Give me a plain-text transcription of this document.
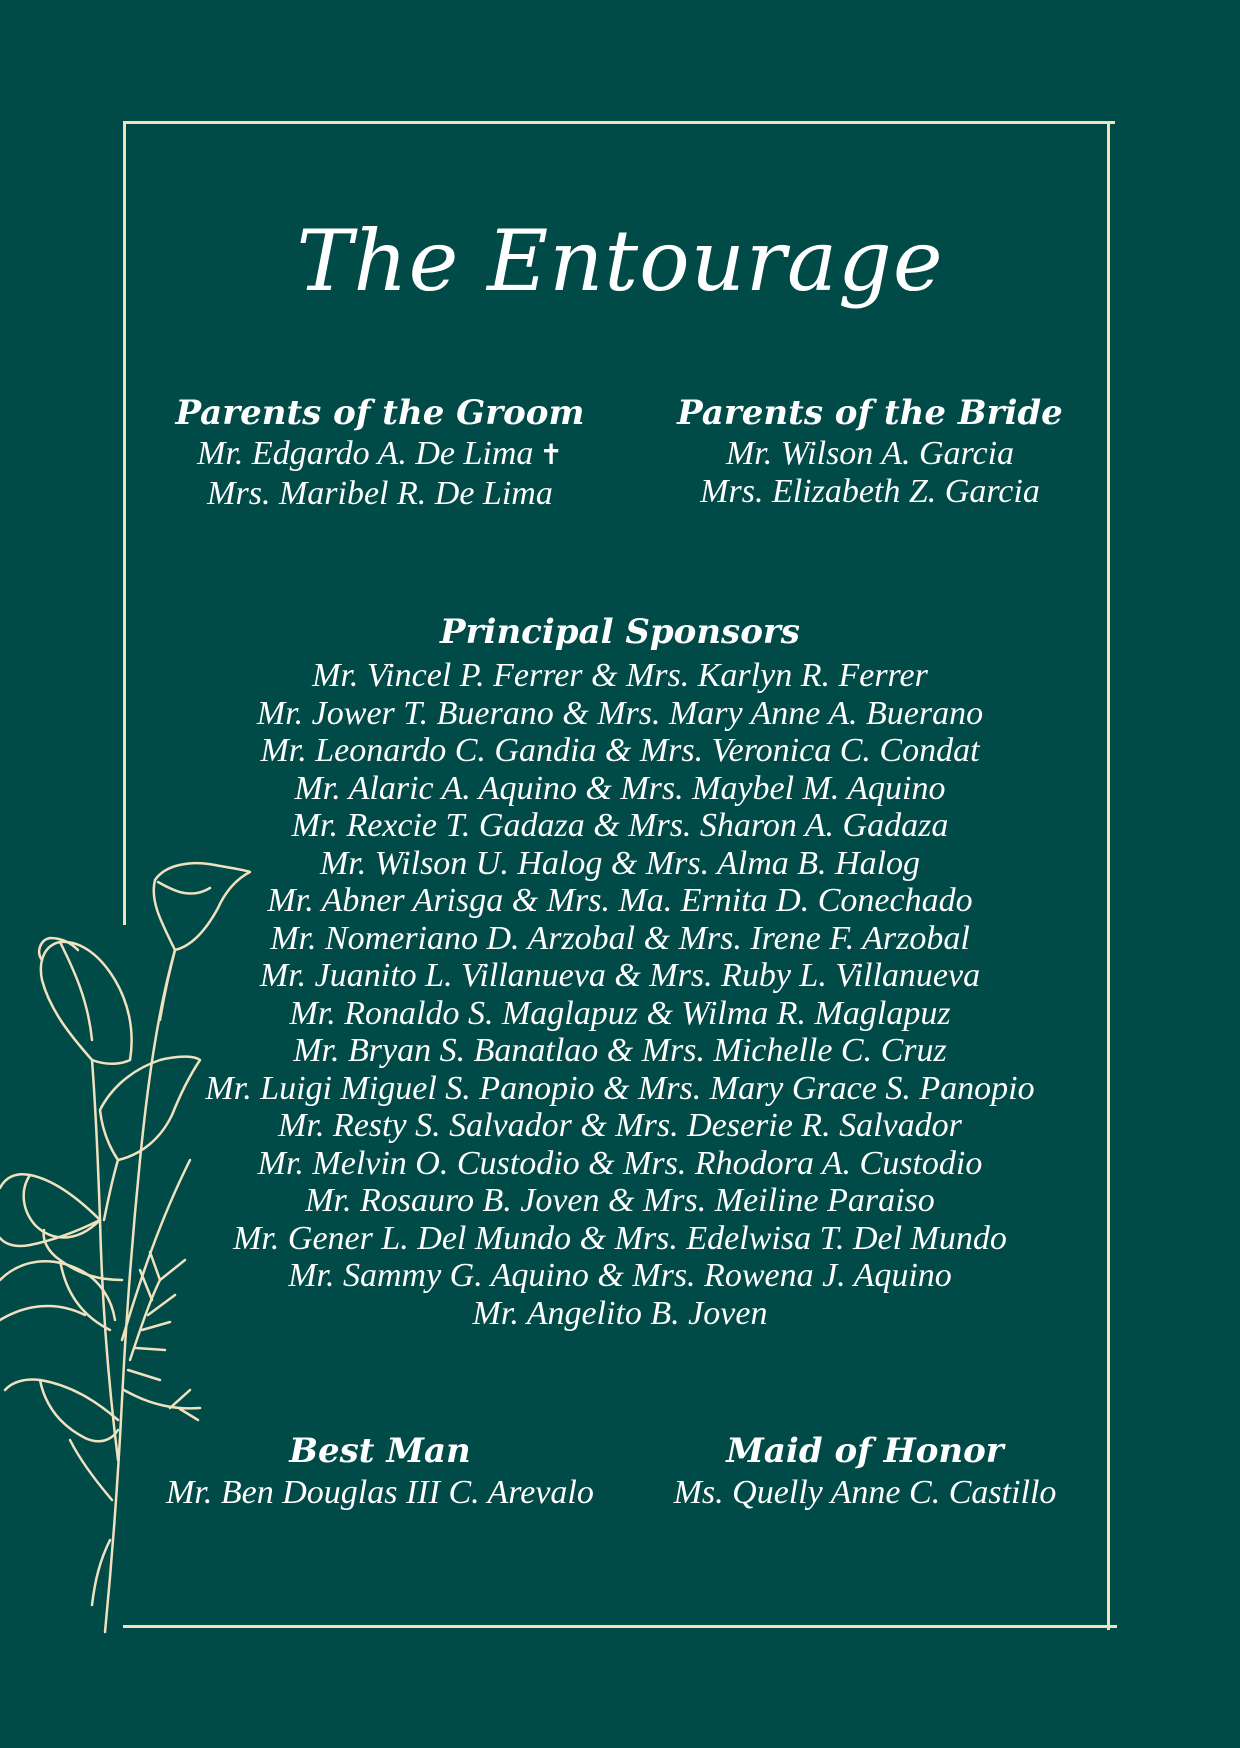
The Entourage
Parents of the Groom
Mr. Edgardo A. De Lima ✝
Mrs. Maribel R. De Lima
Parents of the Bride
Mr. Wilson A. Garcia
Mrs. Elizabeth Z. Garcia
Principal Sponsors
Mr. Vincel P. Ferrer & Mrs. Karlyn R. Ferrer
Mr. Jower T. Buerano & Mrs. Mary Anne A. Buerano
Mr. Leonardo C. Gandia & Mrs. Veronica C. Condat
Mr. Alaric A. Aquino & Mrs. Maybel M. Aquino
Mr. Rexcie T. Gadaza & Mrs. Sharon A. Gadaza
Mr. Wilson U. Halog & Mrs. Alma B. Halog
Mr. Abner Arisga & Mrs. Ma. Ernita D. Conechado
Mr. Nomeriano D. Arzobal & Mrs. Irene F. Arzobal
Mr. Juanito L. Villanueva & Mrs. Ruby L. Villanueva
Mr. Ronaldo S. Maglapuz & Wilma R. Maglapuz
Mr. Bryan S. Banatlao & Mrs. Michelle C. Cruz
Mr. Luigi Miguel S. Panopio & Mrs. Mary Grace S. Panopio
Mr. Resty S. Salvador & Mrs. Deserie R. Salvador
Mr. Melvin O. Custodio & Mrs. Rhodora A. Custodio
Mr. Rosauro B. Joven & Mrs. Meiline Paraiso
Mr. Gener L. Del Mundo & Mrs. Edelwisa T. Del Mundo
Mr. Sammy G. Aquino & Mrs. Rowena J. Aquino
Mr. Angelito B. Joven
Best Man
Mr. Ben Douglas III C. Arevalo
Maid of Honor
Ms. Quelly Anne C. Castillo
